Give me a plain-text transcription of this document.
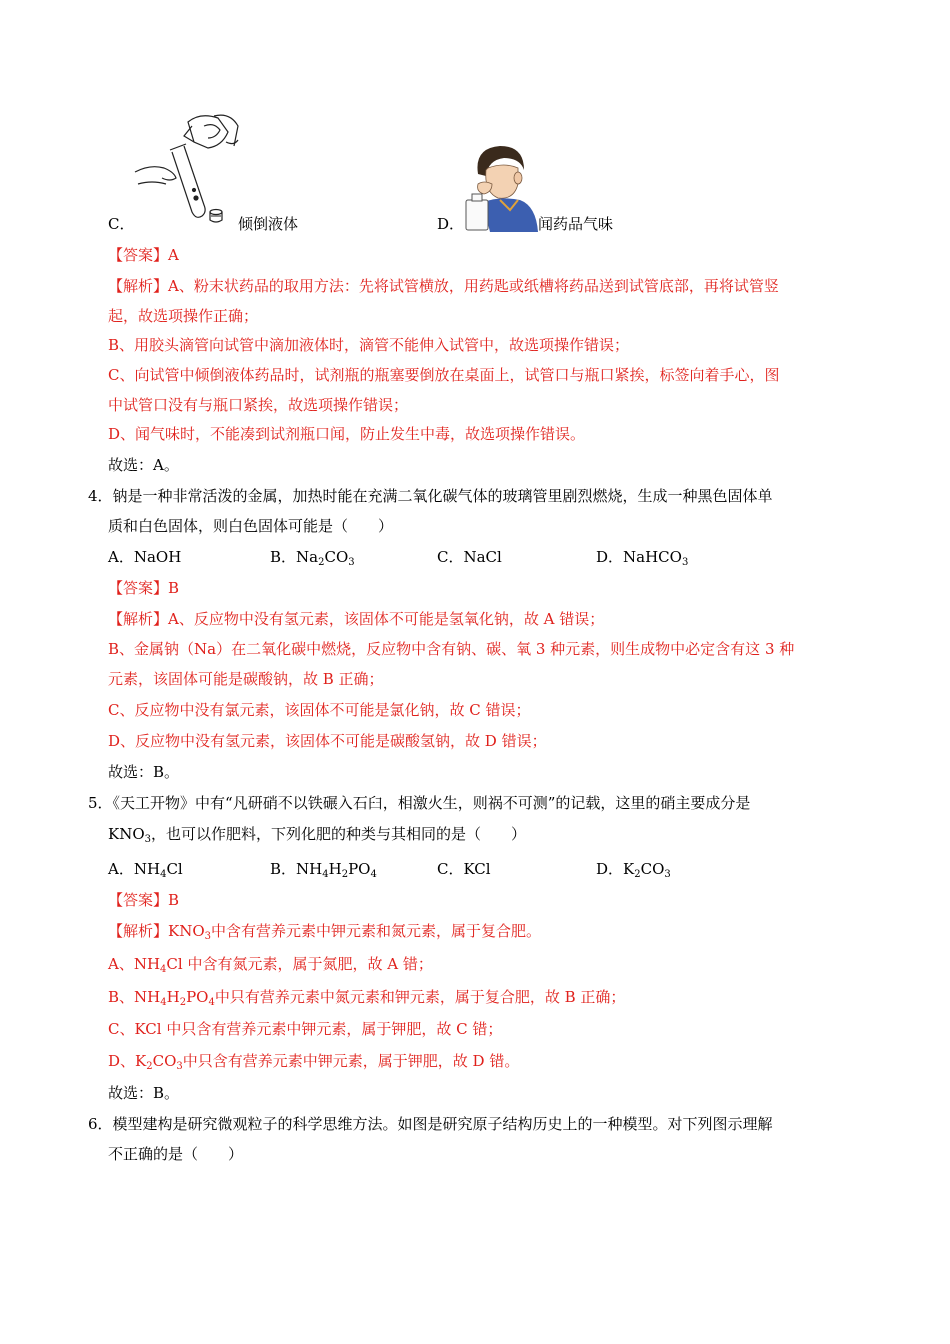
C．	倾倒液体	D．	闻药品气味
【答案】A
【解析】A、粉末状药品的取用方法：先将试管横放，用药匙或纸槽将药品送到试管底部，再将试管竖
起，故选项操作正确；
B、用胶头滴管向试管中滴加液体时，滴管不能伸入试管中，故选项操作错误；
C、向试管中倾倒液体药品时，试剂瓶的瓶塞要倒放在桌面上，试管口与瓶口紧挨，标签向着手心，图
中试管口没有与瓶口紧挨，故选项操作错误；
D、闻气味时，不能凑到试剂瓶口闻，防止发生中毒，故选项操作错误。
故选：A。
4．钠是一种非常活泼的金属，加热时能在充满二氧化碳气体的玻璃管里剧烈燃烧，生成一种黑色固体单
质和白色固体，则白色固体可能是（　　）
A．NaOH	B．$Na_2CO_3$	C．NaCl	D．NaHCO$_3$
【答案】B
【解析】A、反应物中没有氢元素，该固体不可能是氢氧化钠，故 A 错误；
B、金属钠（Na）在二氧化碳中燃烧，反应物中含有钠、碳、氧 3 种元素，则生成物中必定含有这 3 种
元素，该固体可能是碳酸钠，故 B 正确；
C、反应物中没有氯元素，该固体不可能是氯化钠，故 C 错误；
D、反应物中没有氢元素，该固体不可能是碳酸氢钠，故 D 错误；
故选：B。
5．《天工开物》中有“凡研硝不以铁碾入石臼，相激火生，则祸不可测”的记载，这里的硝主要成分是
$KNO_3$，也可以作肥料，下列化肥的种类与其相同的是（　　）
A．$NH_4Cl$	B．$NH_4H_2PO_4$	C．KCl	D．$K_2CO_3$
【答案】B
【解析】$KNO_3$中含有营养元素中钾元素和氮元素，属于复合肥。
A、$NH_4Cl$ 中含有氮元素，属于氮肥，故 A 错；
B、$NH_4H_2PO_4$中只有营养元素中氮元素和钾元素，属于复合肥，故 B 正确；
C、KCl 中只含有营养元素中钾元素，属于钾肥，故 C 错；
D、$K_2CO_3$中只含有营养元素中钾元素，属于钾肥，故 D 错。
故选：B。
6．模型建构是研究微观粒子的科学思维方法。如图是研究原子结构历史上的一种模型。对下列图示理解
不正确的是（　　）
